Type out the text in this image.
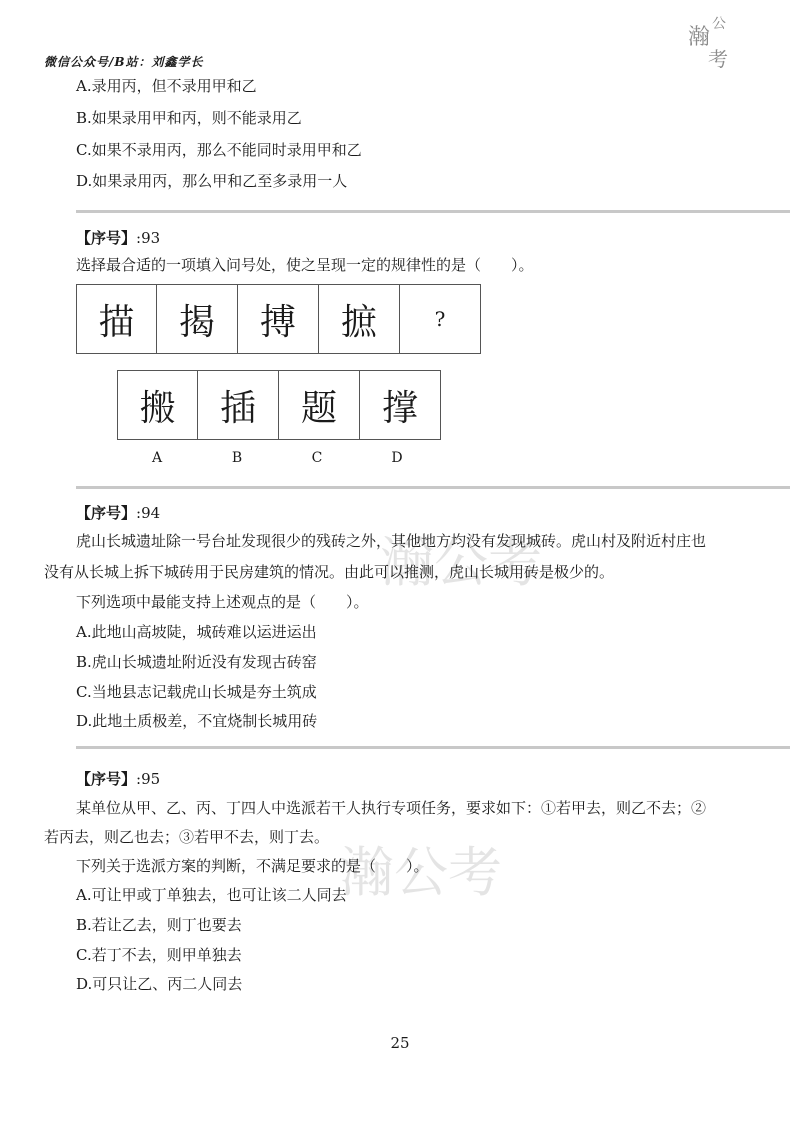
瀚
公
考
瀚公考
瀚公考
微信公众号/B站：刘鑫学长
A.录用丙，但不录用甲和乙
B.如果录用甲和丙，则不能录用乙
C.如果不录用丙，那么不能同时录用甲和乙
D.如果录用丙，那么甲和乙至多录用一人
【序号】:93
选择最合适的一项填入问号处，使之呈现一定的规律性的是（　　）。
描	揭	搏	摭	?
搬	插	题	撑
A	B	C	D
【序号】:94
虎山长城遗址除一号台址发现很少的残砖之外，其他地方均没有发现城砖。虎山村及附近村庄也
没有从长城上拆下城砖用于民房建筑的情况。由此可以推测，虎山长城用砖是极少的。
下列选项中最能支持上述观点的是（　　）。
A.此地山高坡陡，城砖难以运进运出
B.虎山长城遗址附近没有发现古砖窑
C.当地县志记载虎山长城是夯土筑成
D.此地土质极差，不宜烧制长城用砖
【序号】:95
某单位从甲、乙、丙、丁四人中选派若干人执行专项任务，要求如下：①若甲去，则乙不去；②
若丙去，则乙也去；③若甲不去，则丁去。
下列关于选派方案的判断，不满足要求的是（　　）。
A.可让甲或丁单独去，也可让该二人同去
B.若让乙去，则丁也要去
C.若丁不去，则甲单独去
D.可只让乙、丙二人同去
25
